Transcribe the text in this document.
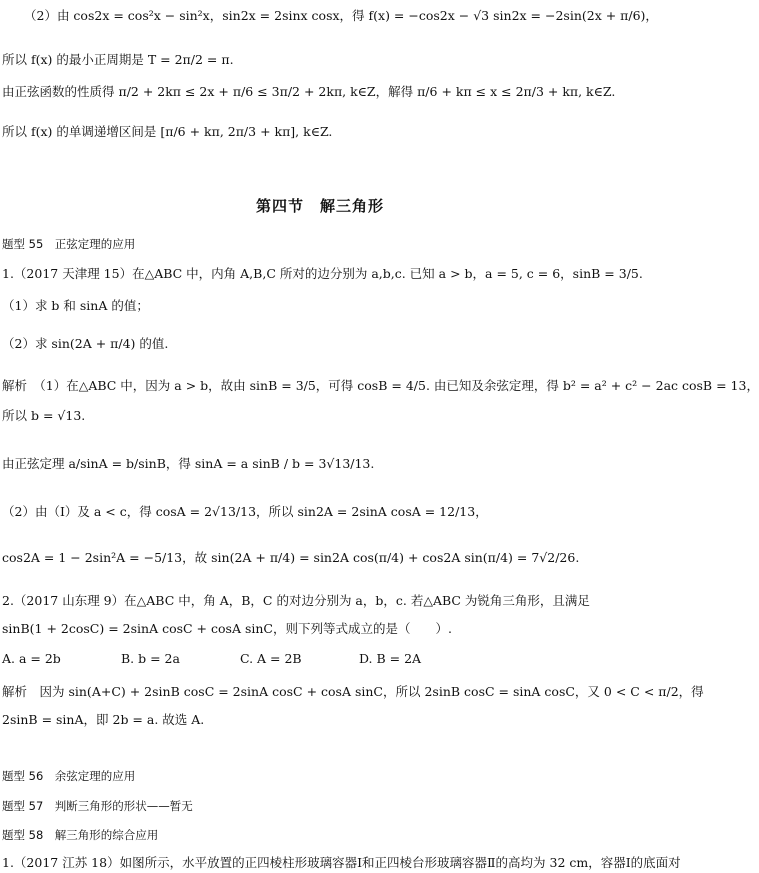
（2）由 cos2x = cos²x − sin²x，sin2x = 2sinx cosx，得 f(x) = −cos2x − √3 sin2x = −2sin(2x + π/6)，
所以 f(x) 的最小正周期是 T = 2π/2 = π.
由正弦函数的性质得 π/2 + 2kπ ≤ 2x + π/6 ≤ 3π/2 + 2kπ, k∈Z，解得 π/6 + kπ ≤ x ≤ 2π/3 + kπ, k∈Z.
所以 f(x) 的单调递增区间是 [π/6 + kπ, 2π/3 + kπ], k∈Z.
第四节　解三角形
题型 55　正弦定理的应用
1.（2017 天津理 15）在△ABC 中，内角 A,B,C 所对的边分别为 a,b,c. 已知 a > b，a = 5, c = 6，sinB = 3/5.
（1）求 b 和 sinA 的值；
（2）求 sin(2A + π/4) 的值.
解析　（1）在△ABC 中，因为 a > b，故由 sinB = 3/5，可得 cosB = 4/5. 由已知及余弦定理，得 b² = a² + c² − 2ac cosB = 13，
所以 b = √13.
由正弦定理 a/sinA = b/sinB，得 sinA = a sinB / b = 3√13/13.
（2）由（Ⅰ）及 a < c，得 cosA = 2√13/13，所以 sin2A = 2sinA cosA = 12/13，
cos2A = 1 − 2sin²A = −5/13，故 sin(2A + π/4) = sin2A cos(π/4) + cos2A sin(π/4) = 7√2/26.
2.（2017 山东理 9）在△ABC 中，角 A，B，C 的对边分别为 a，b，c. 若△ABC 为锐角三角形，且满足
sinB(1 + 2cosC) = 2sinA cosC + cosA sinC，则下列等式成立的是（　　）.
A. a = 2b	B. b = 2a	C. A = 2B	D. B = 2A
解析　因为 sin(A+C) + 2sinB cosC = 2sinA cosC + cosA sinC，所以 2sinB cosC = sinA cosC，又 0 < C < π/2，得
2sinB = sinA，即 2b = a. 故选 A.
题型 56　余弦定理的应用
题型 57　判断三角形的形状——暂无
题型 58　解三角形的综合应用
1.（2017 江苏 18）如图所示，水平放置的正四棱柱形玻璃容器Ⅰ和正四棱台形玻璃容器Ⅱ的高均为 32 cm，容器Ⅰ的底面对
